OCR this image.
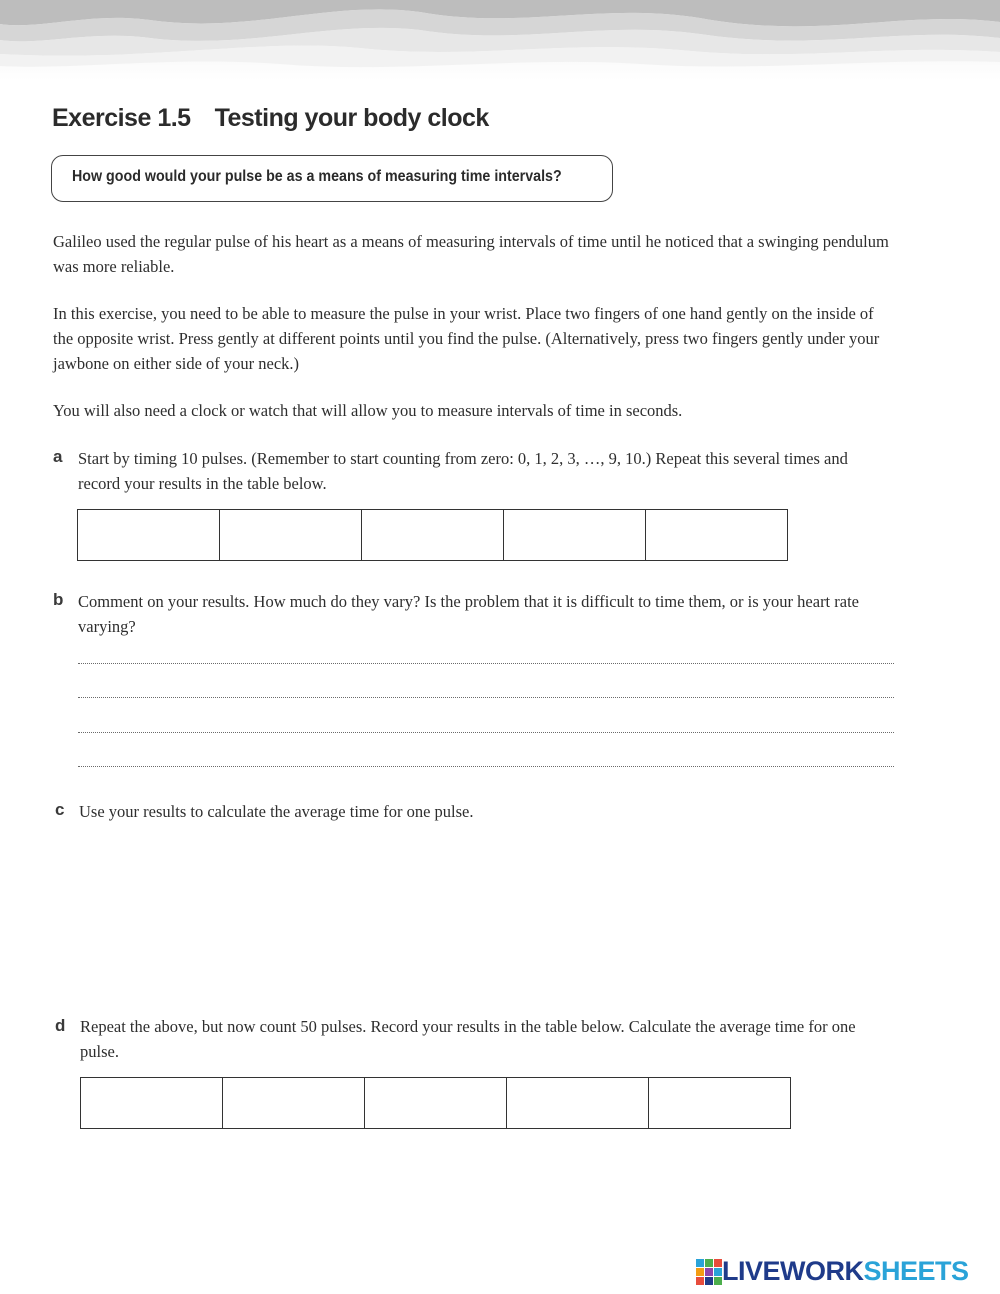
Exercise 1.5 Testing your body clock
How good would your pulse be as a means of measuring time intervals?
Galileo used the regular pulse of his heart as a means of measuring intervals of time until he noticed that a swinging pendulum was more reliable.
In this exercise, you need to be able to measure the pulse in your wrist. Place two fingers of one hand gently on the inside of the opposite wrist. Press gently at different points until you find the pulse. (Alternatively, press two fingers gently under your jawbone on either side of your neck.)
You will also need a clock or watch that will allow you to measure intervals of time in seconds.
a Start by timing 10 pulses. (Remember to start counting from zero: 0, 1, 2, 3, …, 9, 10.) Repeat this several times and record your results in the table below.

b Comment on your results. How much do they vary? Is the problem that it is difficult to time them, or is your heart rate varying?
c Use your results to calculate the average time for one pulse.
d Repeat the above, but now count 50 pulses. Record your results in the table below. Calculate the average time for one pulse.

LIVEWORKSHEETS
